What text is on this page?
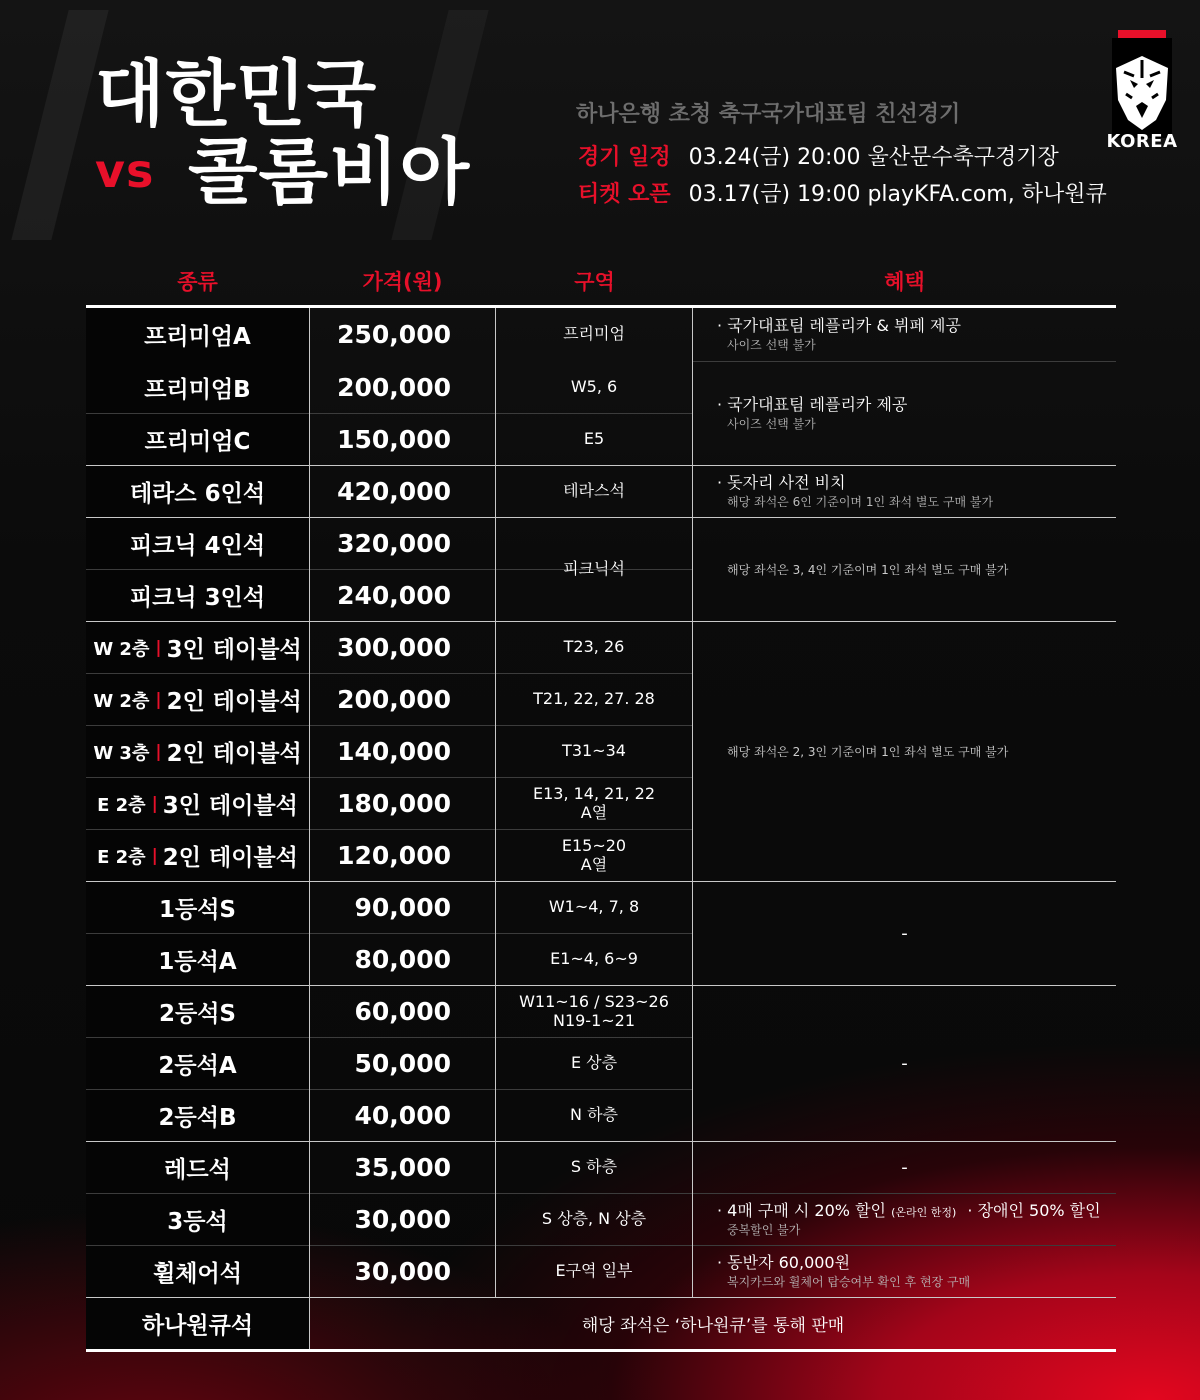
대한민국
vs 콜롬비아
하나은행 초청 축구국가대표팀 친선경기
경기 일정 03.24(금) 20:00 울산문수축구경기장
티켓 오픈 03.17(금) 19:00 playKFA.com, 하나원큐
KOREA
종류	가격(원)	구역	혜택
프리미엄A	250,000	프리미엄	· 국가대표팀 레플리카 & 뷔페 제공
사이즈 선택 불가
프리미엄B	200,000	W5, 6
프리미엄C	150,000	E5
· 국가대표팀 레플리카 제공
사이즈 선택 불가
테라스 6인석	420,000	테라스석	· 돗자리 사전 비치
해당 좌석은 6인 기준이며 1인 좌석 별도 구매 불가
피크닉 4인석	320,000
피크닉 3인석	240,000
피크닉석	해당 좌석은 3, 4인 기준이며 1인 좌석 별도 구매 불가
W 2층 | 3인 테이블석	300,000	T23, 26
W 2층 | 2인 테이블석	200,000	T21, 22, 27. 28
W 3층 | 2인 테이블석	140,000	T31~34
E 2층 | 3인 테이블석	180,000	E13, 14, 21, 22
A열
E 2층 | 2인 테이블석	120,000	E15~20
A열
해당 좌석은 2, 3인 기준이며 1인 좌석 별도 구매 불가
1등석S	90,000	W1~4, 7, 8
1등석A	80,000	E1~4, 6~9
-
2등석S	60,000	W11~16 / S23~26
N19-1~21
2등석A	50,000	E 상층
2등석B	40,000	N 하층
-
레드석	35,000	S 하층	-
3등석	30,000	S 상층, N 상층	· 4매 구매 시 20% 할인 (온라인 한정) · 장애인 50% 할인
중복할인 불가
휠체어석	30,000	E구역 일부	· 동반자 60,000원
복지카드와 휠체어 탑승여부 확인 후 현장 구매
하나원큐석	해당 좌석은 ‘하나원큐’를 통해 판매
